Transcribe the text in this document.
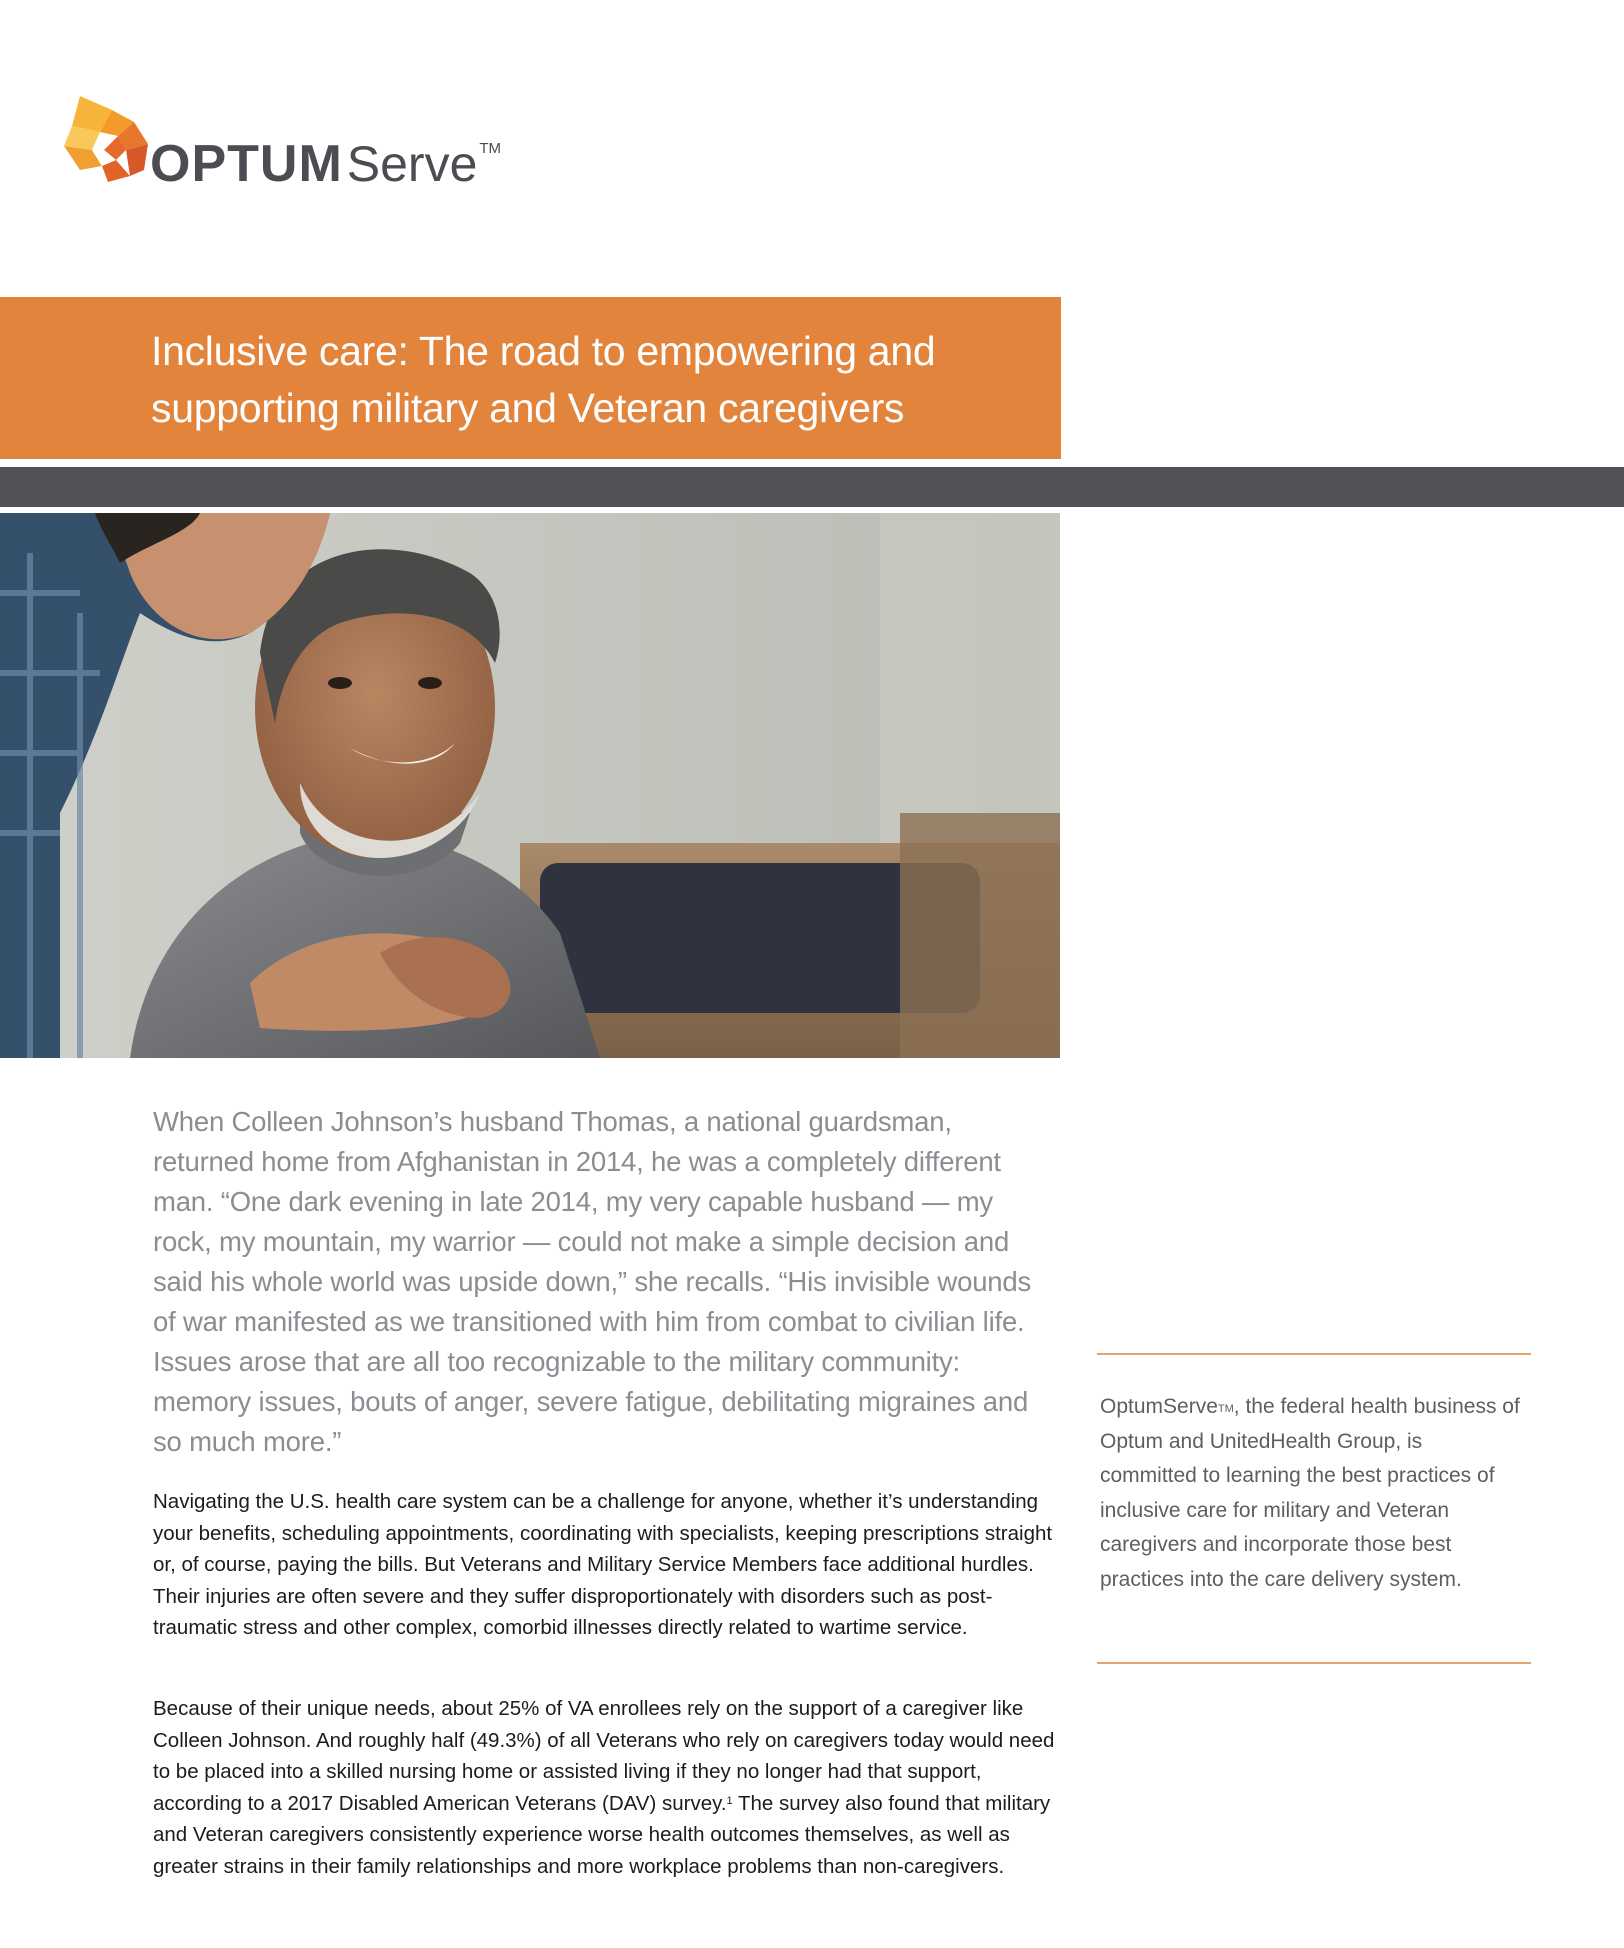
OPTUMServe TM
Inclusive care: The road to empowering and supporting military and Veteran caregivers

When Colleen Johnson’s husband Thomas, a national guardsman, returned home from Afghanistan in 2014, he was a completely different man. “One dark evening in late 2014, my very capable husband — my rock, my mountain, my warrior — could not make a simple decision and said his whole world was upside down,” she recalls. “His invisible wounds of war manifested as we transitioned with him from combat to civilian life. Issues arose that are all too recognizable to the military community: memory issues, bouts of anger, severe fatigue, debilitating migraines and so much more.”

Navigating the U.S. health care system can be a challenge for anyone, whether it’s understanding your benefits, scheduling appointments, coordinating with specialists, keeping prescriptions straight or, of course, paying the bills. But Veterans and Military Service Members face additional hurdles. Their injuries are often severe and they suffer disproportionately with disorders such as post-traumatic stress and other complex, comorbid illnesses directly related to wartime service.

Because of their unique needs, about 25% of VA enrollees rely on the support of a caregiver like Colleen Johnson. And roughly half (49.3%) of all Veterans who rely on caregivers today would need to be placed into a skilled nursing home or assisted living if they no longer had that support, according to a 2017 Disabled American Veterans (DAV) survey.$^1$ The survey also found that military and Veteran caregivers consistently experience worse health outcomes themselves, as well as greater strains in their family relationships and more workplace problems than non-caregivers.

OptumServe™, the federal health business of Optum and UnitedHealth Group, is committed to learning the best practices of inclusive care for military and Veteran caregivers and incorporate those best practices into the care delivery system.
